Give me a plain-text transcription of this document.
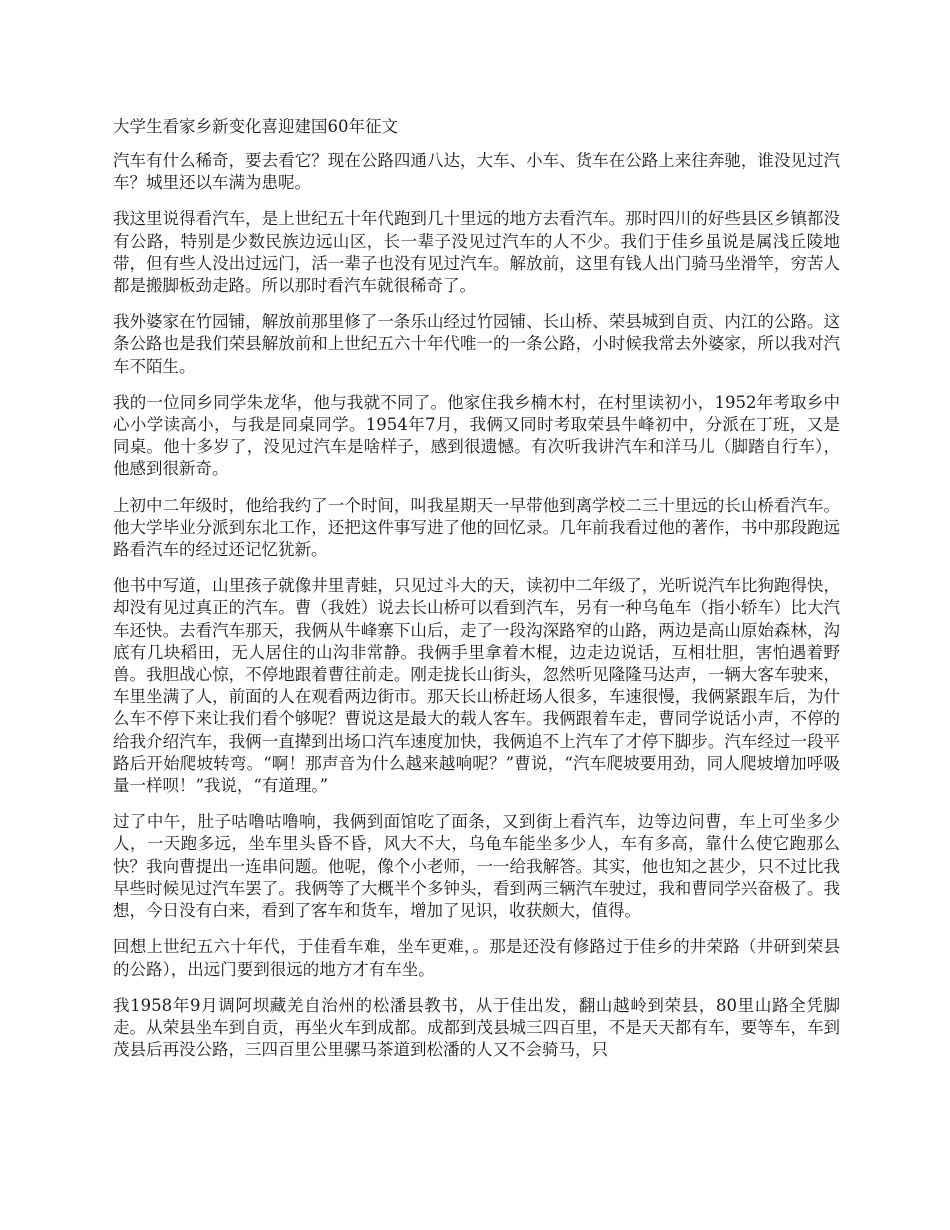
大学生看家乡新变化喜迎建国60年征文

汽车有什么稀奇，要去看它？现在公路四通八达，大车、小车、货车在公路上来往奔驰，谁没见过汽车？城里还以车满为患呢。

我这里说得看汽车，是上世纪五十年代跑到几十里远的地方去看汽车。那时四川的好些县区乡镇都没有公路，特别是少数民族边远山区，长一辈子没见过汽车的人不少。我们于佳乡虽说是属浅丘陵地带，但有些人没出过远门，活一辈子也没有见过汽车。解放前，这里有钱人出门骑马坐滑竿，穷苦人都是搬脚板劲走路。所以那时看汽车就很稀奇了。

我外婆家在竹园铺，解放前那里修了一条乐山经过竹园铺、长山桥、荣县城到自贡、内江的公路。这条公路也是我们荣县解放前和上世纪五六十年代唯一的一条公路，小时候我常去外婆家，所以我对汽车不陌生。

我的一位同乡同学朱龙华，他与我就不同了。他家住我乡楠木村，在村里读初小，1952年考取乡中心小学读高小，与我是同桌同学。1954年7月，我俩又同时考取荣县牛峰初中，分派在丁班，又是同桌。他十多岁了，没见过汽车是啥样子，感到很遗憾。有次听我讲汽车和洋马儿（脚踏自行车），他感到很新奇。

上初中二年级时，他给我约了一个时间，叫我星期天一早带他到离学校二三十里远的长山桥看汽车。他大学毕业分派到东北工作，还把这件事写进了他的回忆录。几年前我看过他的著作，书中那段跑远路看汽车的经过还记忆犹新。

他书中写道，山里孩子就像井里青蛙，只见过斗大的天，读初中二年级了，光听说汽车比狗跑得快，却没有见过真正的汽车。曹（我姓）说去长山桥可以看到汽车，另有一种乌龟车（指小轿车）比大汽车还快。去看汽车那天，我俩从牛峰寨下山后，走了一段沟深路窄的山路，两边是高山原始森林，沟底有几块稻田，无人居住的山沟非常静。我俩手里拿着木棍，边走边说话，互相壮胆，害怕遇着野兽。我胆战心惊，不停地跟着曹往前走。刚走拢长山街头，忽然听见隆隆马达声，一辆大客车驶来，车里坐满了人，前面的人在观看两边街市。那天长山桥赶场人很多，车速很慢，我俩紧跟车后，为什么车不停下来让我们看个够呢？曹说这是最大的载人客车。我俩跟着车走，曹同学说话小声，不停的给我介绍汽车，我俩一直撵到出场口汽车速度加快，我俩追不上汽车了才停下脚步。汽车经过一段平路后开始爬坡转弯。“啊！那声音为什么越来越响呢？”曹说，“汽车爬坡要用劲，同人爬坡增加呼吸量一样呗！”我说，“有道理。”

过了中午，肚子咕噜咕噜响，我俩到面馆吃了面条，又到街上看汽车，边等边问曹，车上可坐多少人，一天跑多远，坐车里头昏不昏，风大不大，乌龟车能坐多少人，车有多高，靠什么使它跑那么快？我向曹提出一连串问题。他呢，像个小老师，一一给我解答。其实，他也知之甚少，只不过比我早些时候见过汽车罢了。我俩等了大概半个多钟头，看到两三辆汽车驶过，我和曹同学兴奋极了。我想，今日没有白来，看到了客车和货车，增加了见识，收获颇大，值得。

回想上世纪五六十年代，于佳看车难，坐车更难，。那是还没有修路过于佳乡的井荣路（井研到荣县的公路），出远门要到很远的地方才有车坐。

我1958年9月调阿坝藏羌自治州的松潘县教书，从于佳出发，翻山越岭到荣县，80里山路全凭脚走。从荣县坐车到自贡，再坐火车到成都。成都到茂县城三四百里，不是天天都有车，要等车，车到茂县后再没公路，三四百里公里骡马茶道到松潘的人又不会骑马，只
